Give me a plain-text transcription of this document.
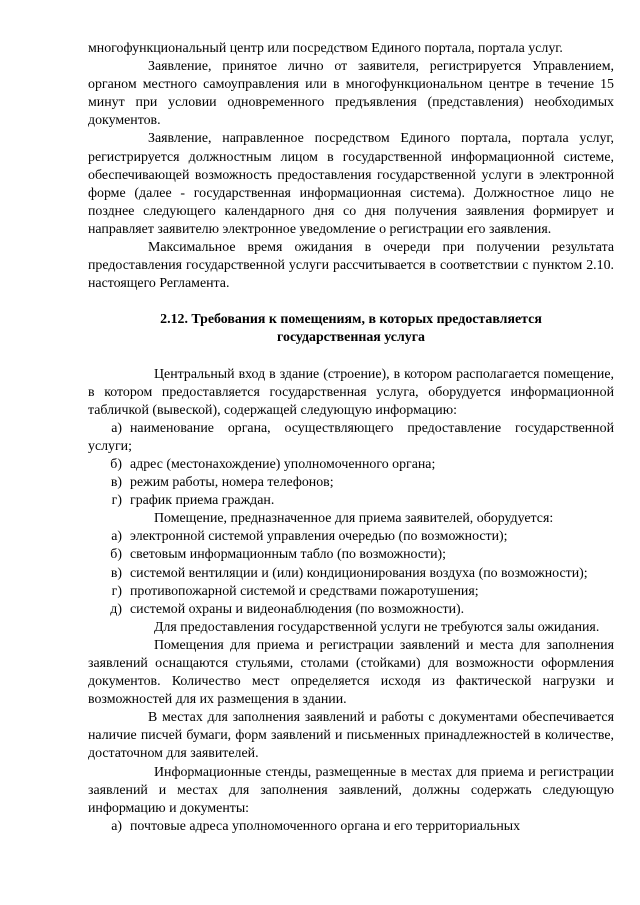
многофункциональный центр или посредством Единого портала, портала услуг.

Заявление, принятое лично от заявителя, регистрируется Управлением, органом местного самоуправления или в многофункциональном центре в течение 15 минут при условии одновременного предъявления (представления) необходимых документов.

Заявление, направленное посредством Единого портала, портала услуг, регистрируется должностным лицом в государственной информационной системе, обеспечивающей возможность предоставления государственной услуги в электронной форме (далее - государственная информационная система). Должностное лицо не позднее следующего календарного дня со дня получения заявления формирует и направляет заявителю электронное уведомление о регистрации его заявления.

Максимальное время ожидания в очереди при получении результата предоставления государственной услуги рассчитывается в соответствии с пунктом 2.10. настоящего Регламента.

2.12. Требования к помещениям, в которых предоставляется
государственная услуга

Центральный вход в здание (строение), в котором располагается помещение, в котором предоставляется государственная услуга, оборудуется информационной табличкой (вывеской), содержащей следующую информацию:

а) наименование органа, осуществляющего предоставление государственной услуги;

б) адрес (местонахождение) уполномоченного органа;

в) режим работы, номера телефонов;

г) график приема граждан.

Помещение, предназначенное для приема заявителей, оборудуется:

а) электронной системой управления очередью (по возможности);

б) световым информационным табло (по возможности);

в) системой вентиляции и (или) кондиционирования воздуха (по возможности);

г) противопожарной системой и средствами пожаротушения;

д) системой охраны и видеонаблюдения (по возможности).

Для предоставления государственной услуги не требуются залы ожидания.

Помещения для приема и регистрации заявлений и места для заполнения заявлений оснащаются стульями, столами (стойками) для возможности оформления документов. Количество мест определяется исходя из фактической нагрузки и возможностей для их размещения в здании.

В местах для заполнения заявлений и работы с документами обеспечивается наличие писчей бумаги, форм заявлений и письменных принадлежностей в количестве, достаточном для заявителей.

Информационные стенды, размещенные в местах для приема и регистрации заявлений и местах для заполнения заявлений, должны содержать следующую информацию и документы:

а) почтовые адреса уполномоченного органа и его территориальных
